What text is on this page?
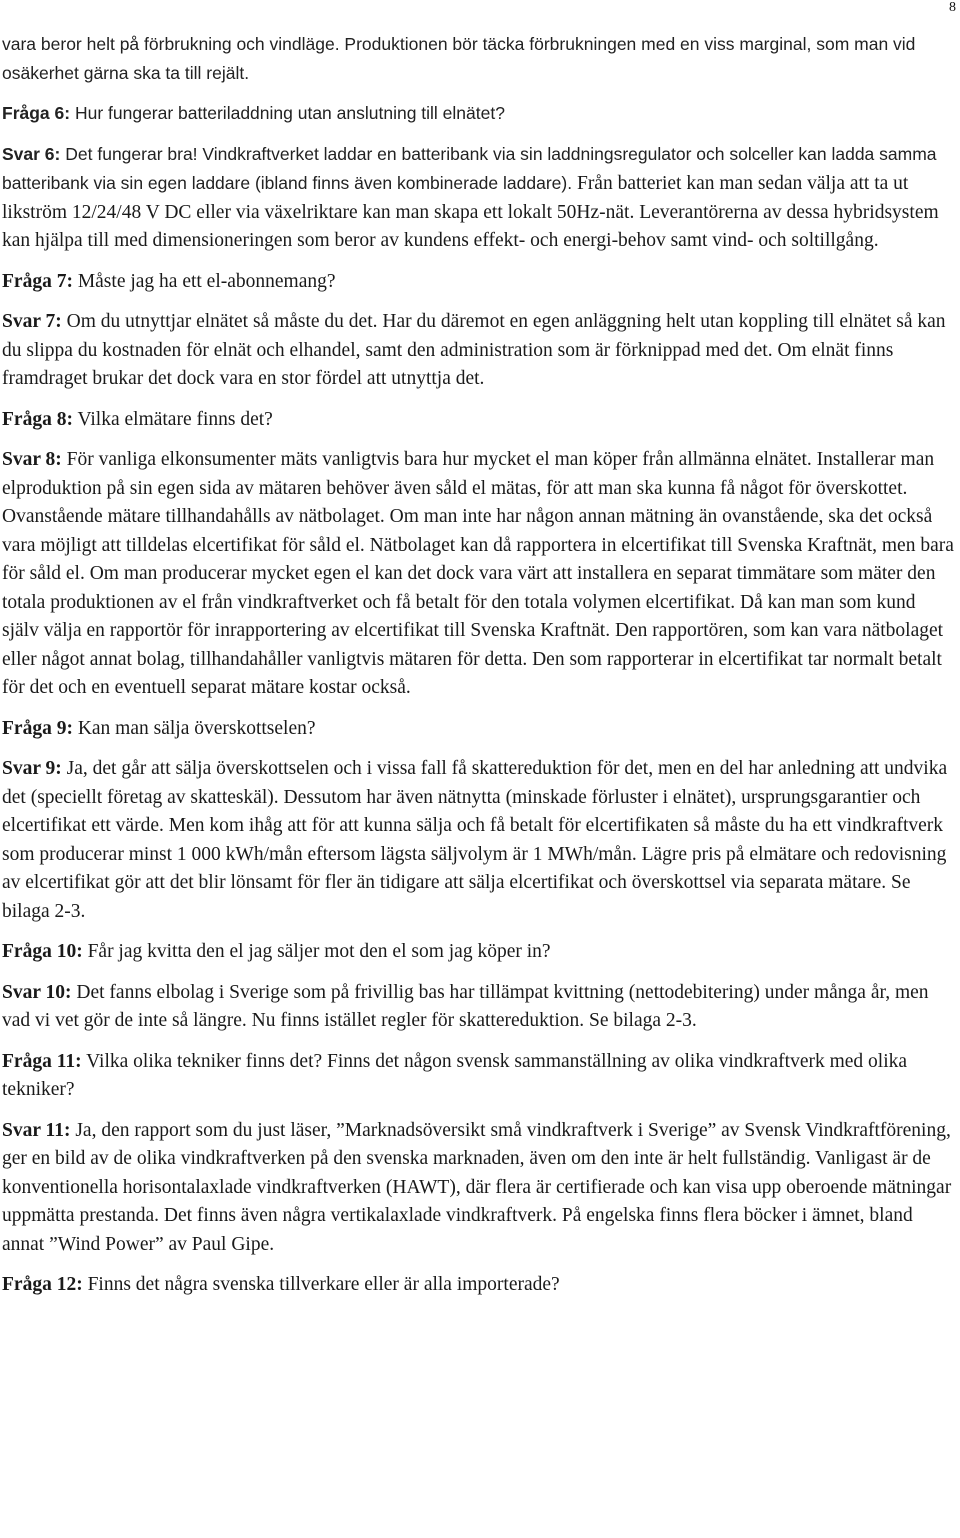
8

vara beror helt på förbrukning och vindläge. Produktionen bör täcka förbrukningen med en viss marginal, som man vid osäkerhet gärna ska ta till rejält.

Fråga 6: Hur fungerar batteriladdning utan anslutning till elnätet?

Svar 6: Det fungerar bra! Vindkraftverket laddar en batteribank via sin laddningsregulator och solceller kan ladda samma batteribank via sin egen laddare (ibland finns även kombinerade laddare). Från batteriet kan man sedan välja att ta ut likström 12/24/48 V DC eller via växelriktare kan man skapa ett lokalt 50Hz-nät. Leverantörerna av dessa hybridsystem kan hjälpa till med dimensioneringen som beror av kundens effekt- och energi-behov samt vind- och soltillgång.

Fråga 7: Måste jag ha ett el-abonnemang?

Svar 7: Om du utnyttjar elnätet så måste du det. Har du däremot en egen anläggning helt utan koppling till elnätet så kan du slippa du kostnaden för elnät och elhandel, samt den administration som är förknippad med det. Om elnät finns framdraget brukar det dock vara en stor fördel att utnyttja det.

Fråga 8: Vilka elmätare finns det?

Svar 8: För vanliga elkonsumenter mäts vanligtvis bara hur mycket el man köper från allmänna elnätet. Installerar man elproduktion på sin egen sida av mätaren behöver även såld el mätas, för att man ska kunna få något för överskottet. Ovanstående mätare tillhandahålls av nätbolaget. Om man inte har någon annan mätning än ovanstående, ska det också vara möjligt att tilldelas elcertifikat för såld el. Nätbolaget kan då rapportera in elcertifikat till Svenska Kraftnät, men bara för såld el. Om man producerar mycket egen el kan det dock vara värt att installera en separat timmätare som mäter den totala produktionen av el från vindkraftverket och få betalt för den totala volymen elcertifikat. Då kan man som kund själv välja en rapportör för inrapportering av elcertifikat till Svenska Kraftnät. Den rapportören, som kan vara nätbolaget eller något annat bolag, tillhandahåller vanligtvis mätaren för detta. Den som rapporterar in elcertifikat tar normalt betalt för det och en eventuell separat mätare kostar också.

Fråga 9: Kan man sälja överskottselen?

Svar 9: Ja, det går att sälja överskottselen och i vissa fall få skattereduktion för det, men en del har anledning att undvika det (speciellt företag av skatteskäl). Dessutom har även nätnytta (minskade förluster i elnätet), ursprungsgarantier och elcertifikat ett värde. Men kom ihåg att för att kunna sälja och få betalt för elcertifikaten så måste du ha ett vindkraftverk som producerar minst 1 000 kWh/mån eftersom lägsta säljvolym är 1 MWh/mån. Lägre pris på elmätare och redovisning av elcertifikat gör att det blir lönsamt för fler än tidigare att sälja elcertifikat och överskottsel via separata mätare. Se bilaga 2-3.

Fråga 10: Får jag kvitta den el jag säljer mot den el som jag köper in?

Svar 10: Det fanns elbolag i Sverige som på frivillig bas har tillämpat kvittning (nettodebitering) under många år, men vad vi vet gör de inte så längre. Nu finns istället regler för skattereduktion. Se bilaga 2-3.

Fråga 11: Vilka olika tekniker finns det? Finns det någon svensk sammanställning av olika vindkraftverk med olika tekniker?

Svar 11: Ja, den rapport som du just läser, ”Marknadsöversikt små vindkraftverk i Sverige” av Svensk Vindkraftförening, ger en bild av de olika vindkraftverken på den svenska marknaden, även om den inte är helt fullständig. Vanligast är de konventionella horisontalaxlade vindkraftverken (HAWT), där flera är certifierade och kan visa upp oberoende mätningar uppmätta prestanda. Det finns även några vertikalaxlade vindkraftverk. På engelska finns flera böcker i ämnet, bland annat ”Wind Power” av Paul Gipe.

Fråga 12: Finns det några svenska tillverkare eller är alla importerade?
